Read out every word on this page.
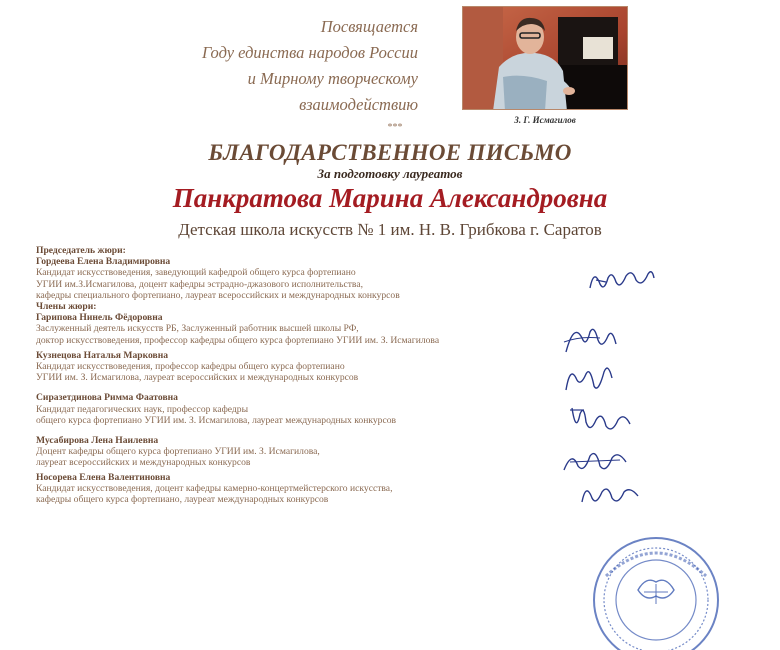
Посвящается
Году единства народов России
и Мирному творческому
взаимодействию
З. Г. Исмагилов
***
БЛАГОДАРСТВЕННОЕ ПИСЬМО
За подготовку лауреатов
Панкратова Марина Александровна
Детская школа искусств № 1 им. Н. В. Грибкова г. Саратов
Председатель жюри:
Гордеева Елена Владимировна
Кандидат искусствоведения, заведующий кафедрой общего курса фортепиано
УГИИ им.З.Исмагилова, доцент кафедры эстрадно-джазового исполнительства,
кафедры специального фортепиано, лауреат всероссийских и международных конкурсов
Члены жюри:
Гарипова Нинель Фёдоровна
Заслуженный деятель искусств РБ, Заслуженный работник высшей школы РФ,
доктор искусствоведения, профессор кафедры общего курса фортепиано УГИИ им. З. Исмагилова
Кузнецова Наталья Марковна
Кандидат искусствоведения, профессор кафедры общего курса фортепиано
УГИИ им. З. Исмагилова, лауреат всероссийских и международных конкурсов
Сиразетдинова Римма Фаатовна
Кандидат педагогических наук, профессор кафедры
общего курса фортепиано УГИИ им. З. Исмагилова, лауреат международных конкурсов
Мусабирова Лена Наилевна
Доцент кафедры общего курса фортепиано УГИИ им. З. Исмагилова,
лауреат всероссийских и международных конкурсов
Носорева Елена Валентиновна
Кандидат искусствоведения, доцент кафедры камерно-концертмейстерского искусства,
кафедры общего курса фортепиано, лауреат международных конкурсов
